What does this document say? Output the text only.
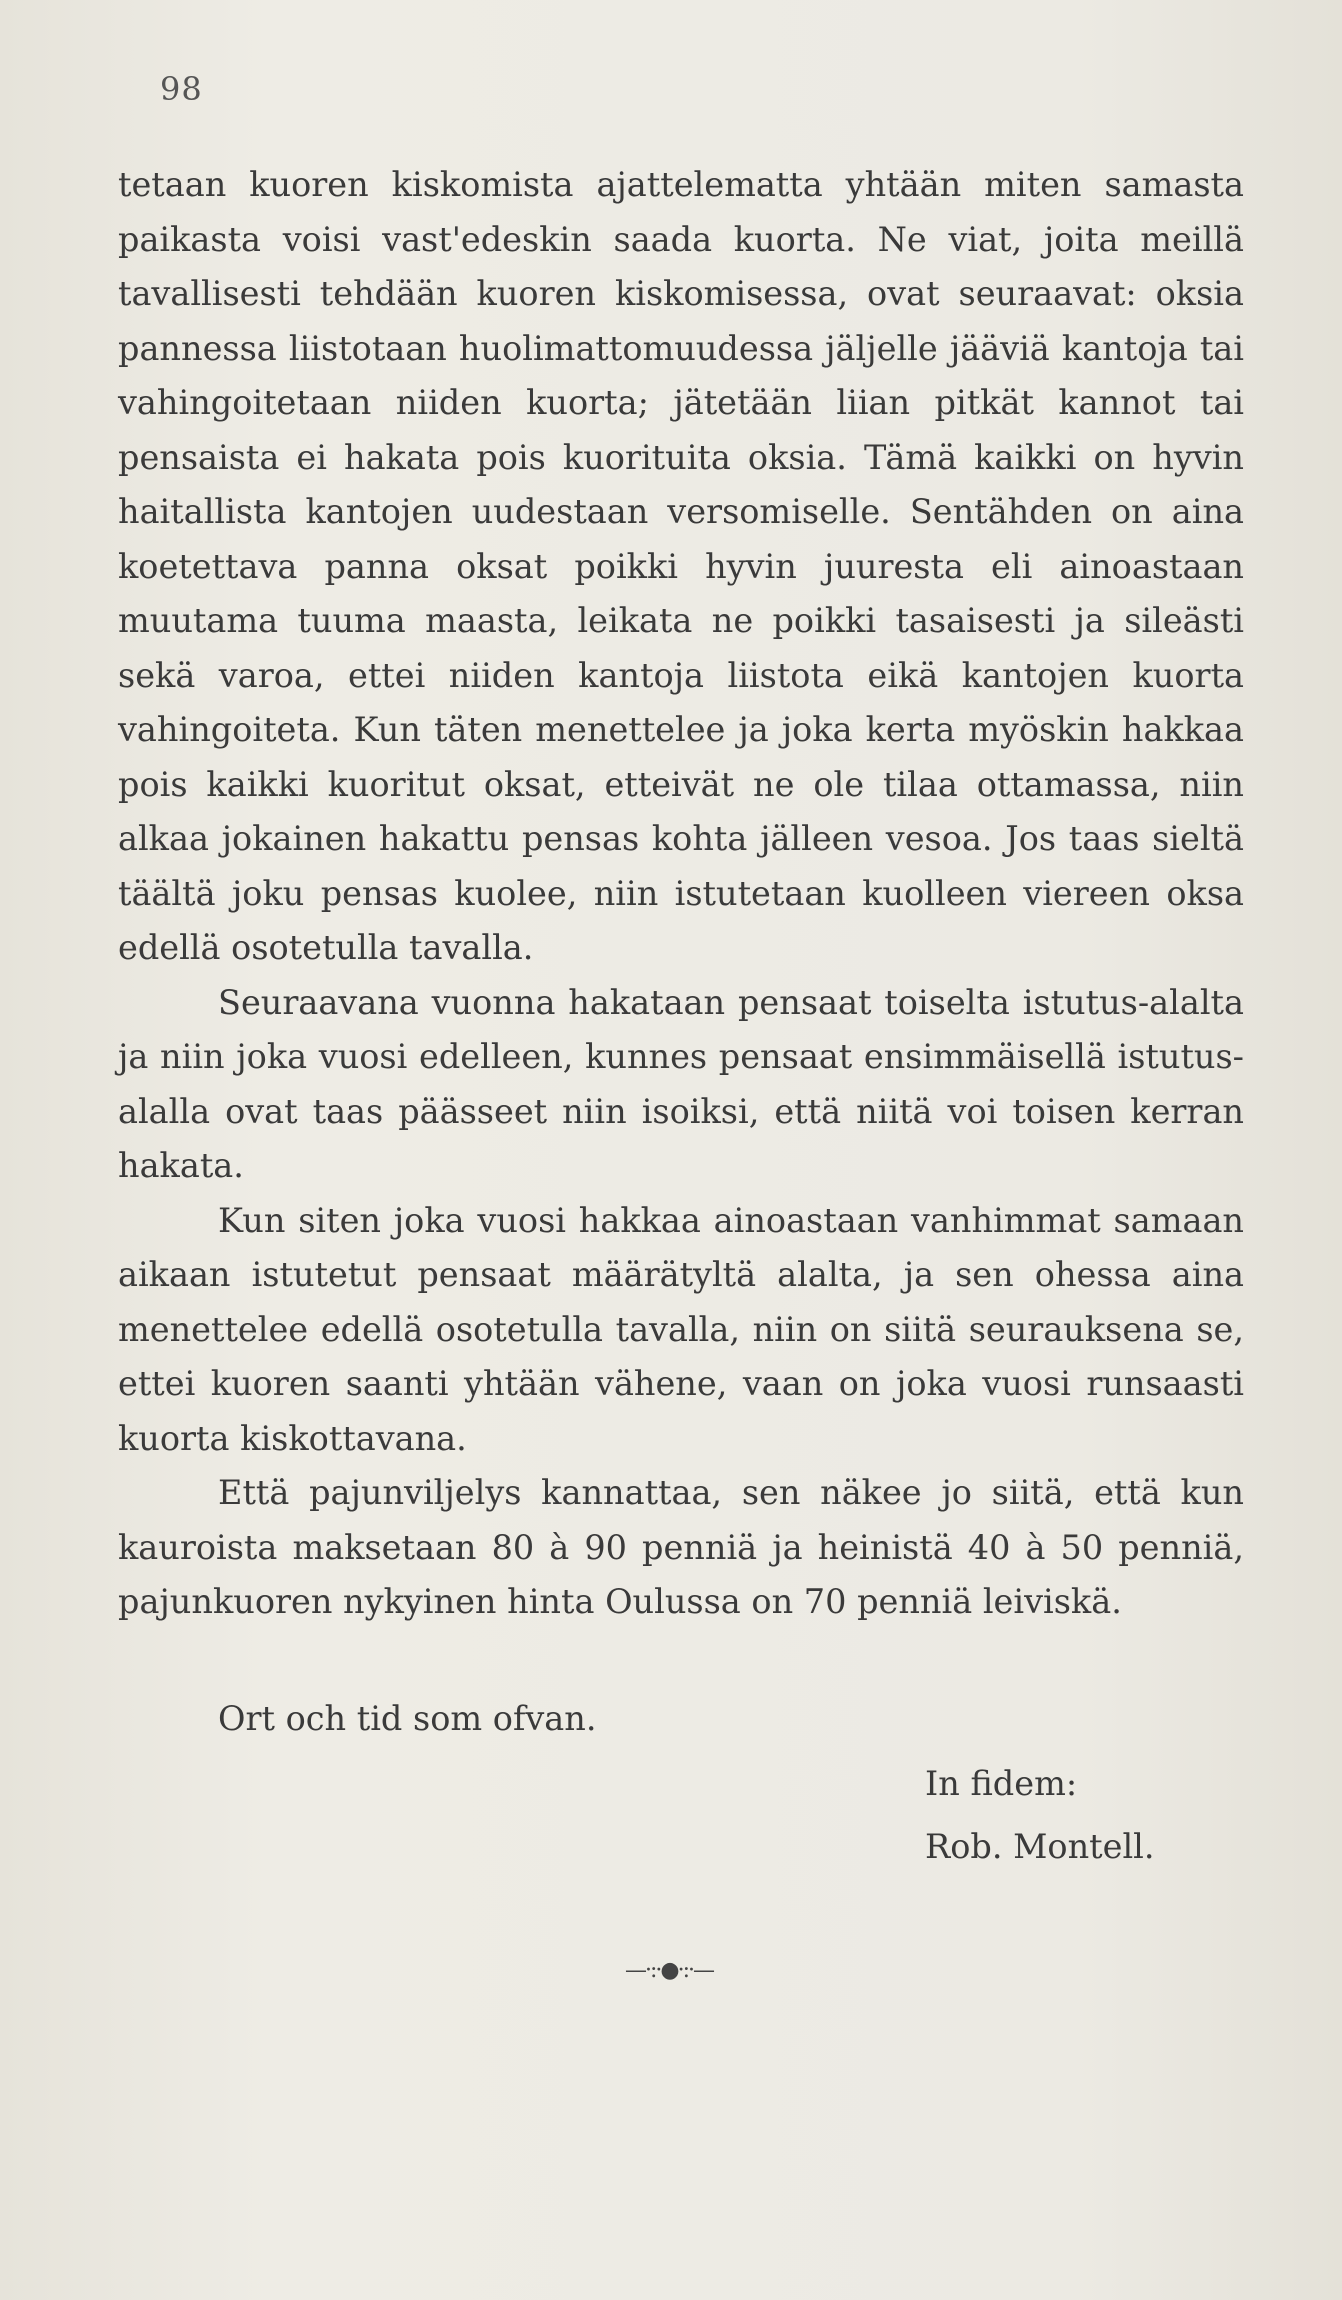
98

tetaan kuoren kiskomista ajattelematta yhtään miten samasta paikasta voisi vast'edeskin saada kuorta. Ne viat, joita meillä tavallisesti tehdään kuoren kiskomisessa, ovat seuraavat: oksia pannessa liistotaan huolimattomuudessa jäljelle jääviä kantoja tai vahingoitetaan niiden kuorta; jätetään liian pitkät kannot tai pensaista ei hakata pois kuorituita oksia. Tämä kaikki on hyvin haitallista kantojen uudestaan versomiselle. Sentähden on aina koetettava panna oksat poikki hyvin juuresta eli ainoastaan muutama tuuma maasta, leikata ne poikki tasaisesti ja sileästi sekä varoa, ettei niiden kantoja liistota eikä kantojen kuorta vahingoiteta. Kun täten menettelee ja joka kerta myöskin hakkaa pois kaikki kuoritut oksat, etteivät ne ole tilaa ottamassa, niin alkaa jokainen hakattu pensas kohta jälleen vesoa. Jos taas sieltä täältä joku pensas kuolee, niin istutetaan kuolleen viereen oksa edellä osotetulla tavalla.

Seuraavana vuonna hakataan pensaat toiselta istutus-alalta ja niin joka vuosi edelleen, kunnes pensaat ensimmäisellä istutus-alalla ovat taas päässeet niin isoiksi, että niitä voi toisen kerran hakata.

Kun siten joka vuosi hakkaa ainoastaan vanhimmat samaan aikaan istutetut pensaat määrätyltä alalta, ja sen ohessa aina menettelee edellä osotetulla tavalla, niin on siitä seurauksena se, ettei kuoren saanti yhtään vähene, vaan on joka vuosi runsaasti kuorta kiskottavana.

Että pajunviljelys kannattaa, sen näkee jo siitä, että kun kauroista maksetaan 80 à 90 penniä ja heinistä 40 à 50 penniä, pajunkuoren nykyinen hinta Oulussa on 70 penniä leiviskä.

Ort och tid som ofvan.
In fidem:
Rob. Montell.
—·:·●·:·—
